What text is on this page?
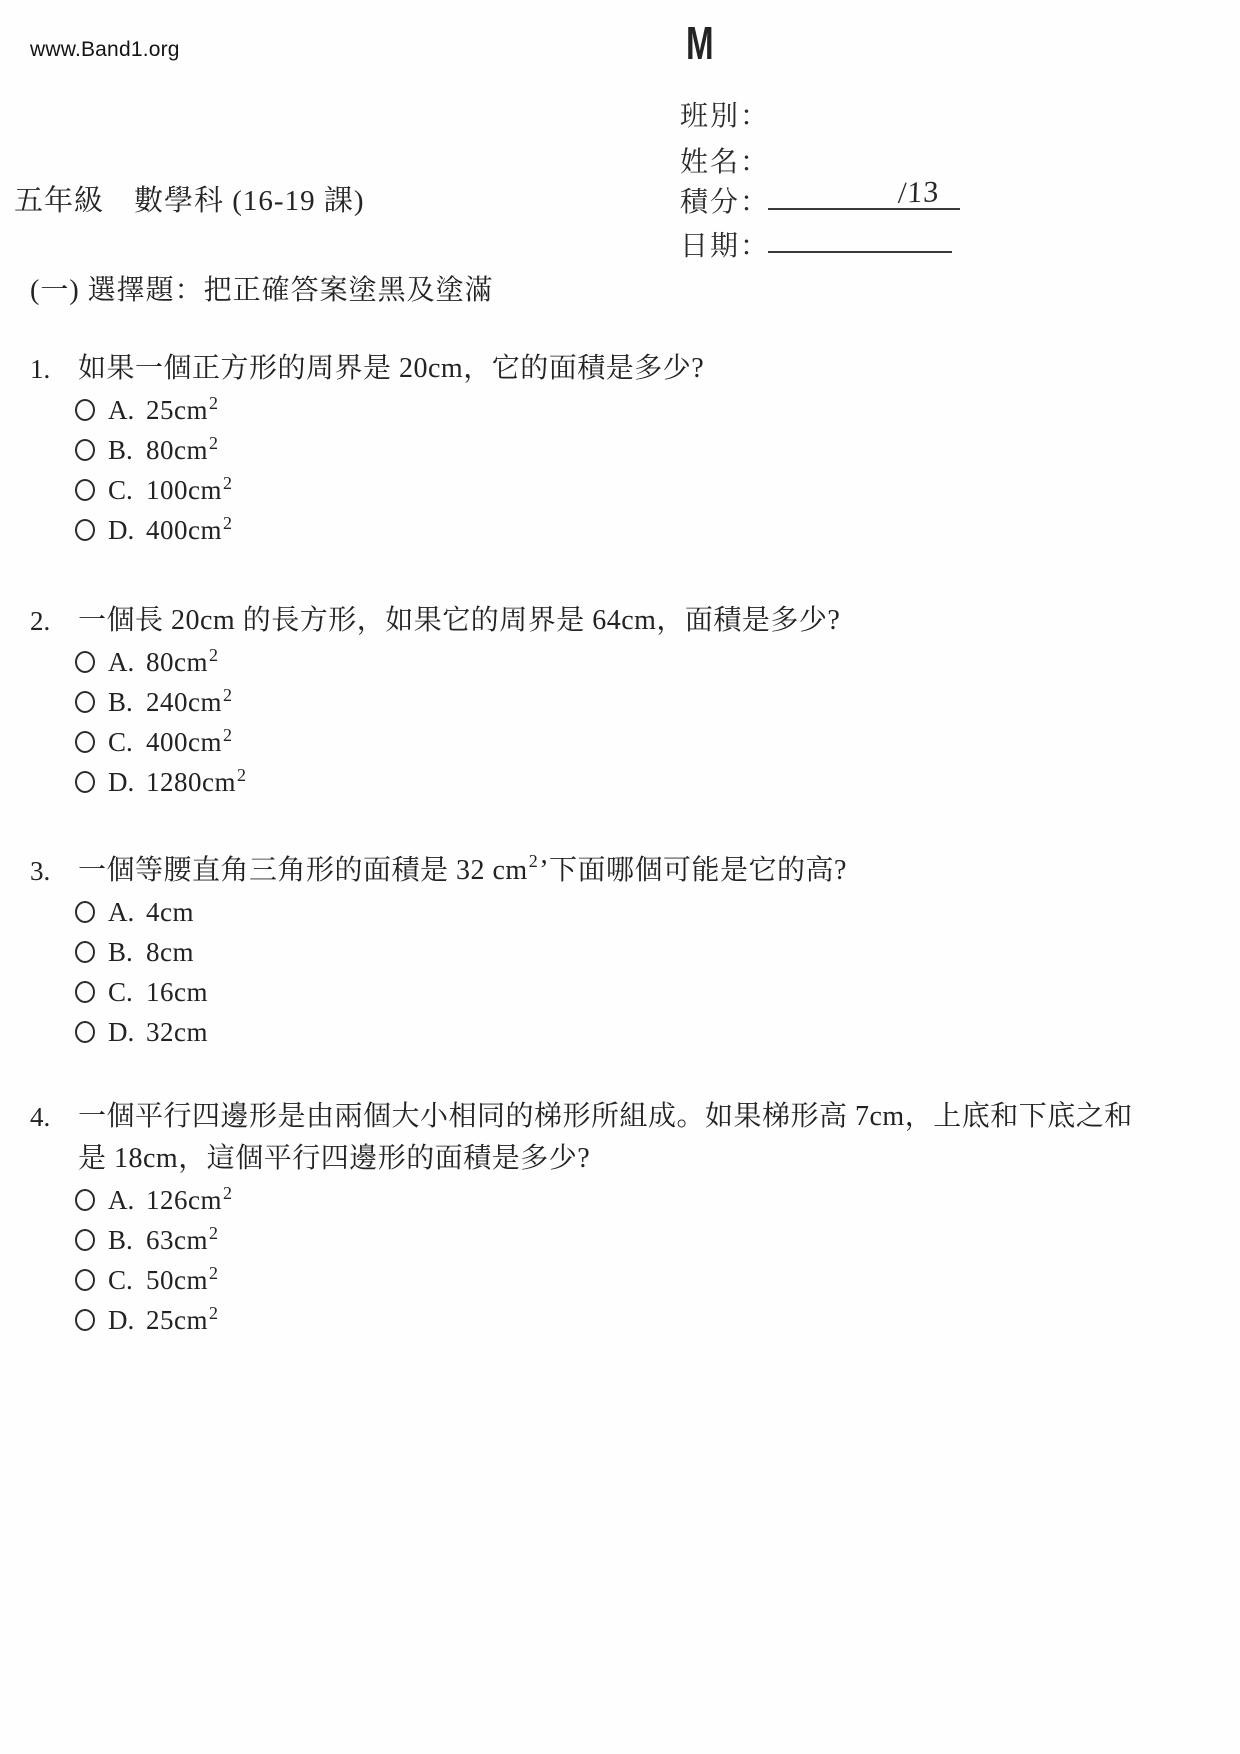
www.Band1.org	M
班別：
姓名：
積分：
日期：
/13
五年級　數學科 (16-19 課)
(一) 選擇題：把正確答案塗黑及塗滿
1. 如果一個正方形的周界是 20cm，它的面積是多少?
A. 25cm 2
B. 80cm 2
C. 100cm 2
D. 400cm 2
2. 一個長 20cm 的長方形，如果它的周界是 64cm，面積是多少?
A. 80cm 2
B. 240cm 2
C. 400cm 2
D. 1280cm 2
3. 一個等腰直角三角形的面積是 32 cm2’下面哪個可能是它的高?
A. 4cm
B. 8cm
C. 16cm
D. 32cm
4. 一個平行四邊形是由兩個大小相同的梯形所組成。如果梯形高 7cm，上底和下底之和
是 18cm，這個平行四邊形的面積是多少?
A. 126cm 2
B. 63cm 2
C. 50cm 2
D. 25cm 2
